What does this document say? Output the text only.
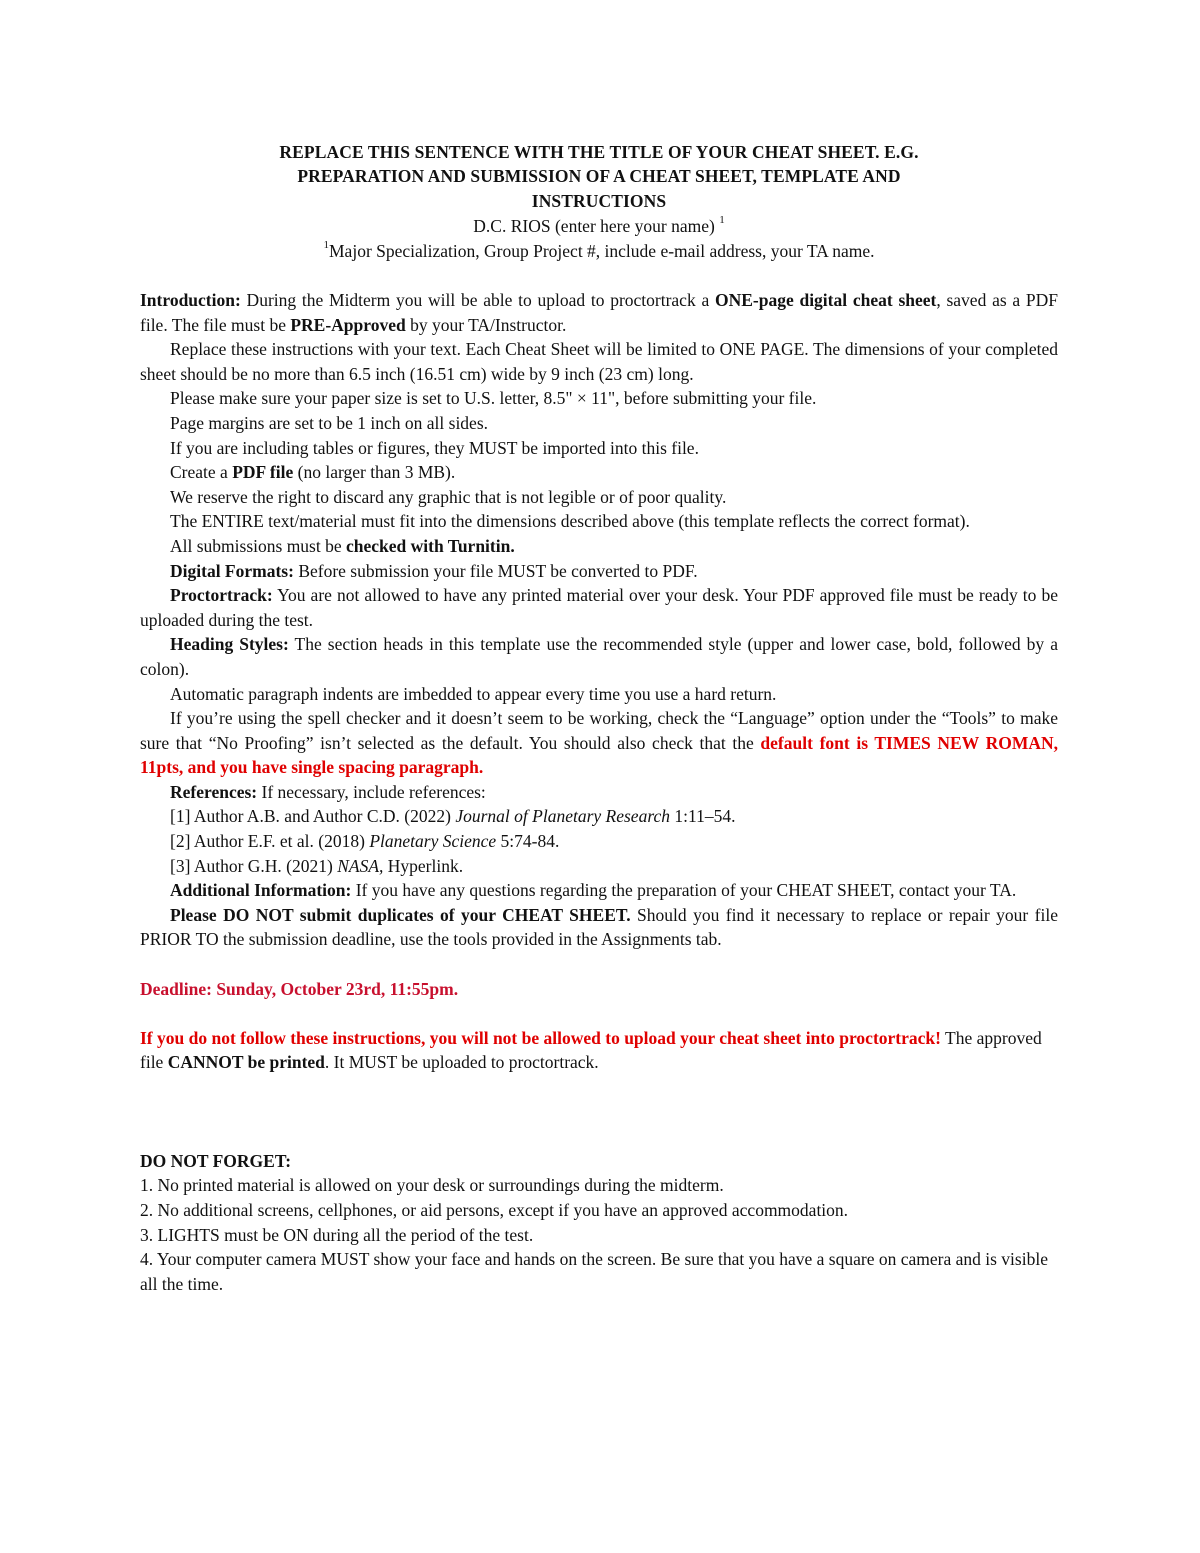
REPLACE THIS SENTENCE WITH THE TITLE OF YOUR CHEAT SHEET. E.G.
PREPARATION AND SUBMISSION OF A CHEAT SHEET, TEMPLATE AND
INSTRUCTIONS

D.C. RIOS (enter here your name) $^1$

$^1$Major Specialization, Group Project #, include e-mail address, your TA name.

Introduction: During the Midterm you will be able to upload to proctortrack a ONE-page digital cheat sheet, saved as a PDF file. The file must be PRE-Approved by your TA/Instructor.

Replace these instructions with your text. Each Cheat Sheet will be limited to ONE PAGE. The dimensions of your completed sheet should be no more than 6.5 inch (16.51 cm) wide by 9 inch (23 cm) long.

Please make sure your paper size is set to U.S. letter, 8.5" × 11", before submitting your file.

Page margins are set to be 1 inch on all sides.

If you are including tables or figures, they MUST be imported into this file.

Create a PDF file (no larger than 3 MB).

We reserve the right to discard any graphic that is not legible or of poor quality.

The ENTIRE text/material must fit into the dimensions described above (this template reflects the correct format).

All submissions must be checked with Turnitin.

Digital Formats: Before submission your file MUST be converted to PDF.

Proctortrack: You are not allowed to have any printed material over your desk. Your PDF approved file must be ready to be uploaded during the test.

Heading Styles: The section heads in this template use the recommended style (upper and lower case, bold, followed by a colon).

Automatic paragraph indents are imbedded to appear every time you use a hard return.

If you’re using the spell checker and it doesn’t seem to be working, check the “Language” option under the “Tools” to make sure that “No Proofing” isn’t selected as the default. You should also check that the default font is TIMES NEW ROMAN, 11pts, and you have single spacing paragraph.

References: If necessary, include references:

[1] Author A.B. and Author C.D. (2022) Journal of Planetary Research 1:11–54.

[2] Author E.F. et al. (2018) Planetary Science 5:74-84.

[3] Author G.H. (2021) NASA, Hyperlink.

Additional Information: If you have any questions regarding the preparation of your CHEAT SHEET, contact your TA.

Please DO NOT submit duplicates of your CHEAT SHEET. Should you find it necessary to replace or repair your file PRIOR TO the submission deadline, use the tools provided in the Assignments tab.

Deadline: Sunday, October 23rd, 11:55pm.

If you do not follow these instructions, you will not be allowed to upload your cheat sheet into proctortrack! The approved file CANNOT be printed. It MUST be uploaded to proctortrack.

DO NOT FORGET:

1. No printed material is allowed on your desk or surroundings during the midterm.

2. No additional screens, cellphones, or aid persons, except if you have an approved accommodation.

3. LIGHTS must be ON during all the period of the test.

4. Your computer camera MUST show your face and hands on the screen. Be sure that you have a square on camera and is visible all the time.
